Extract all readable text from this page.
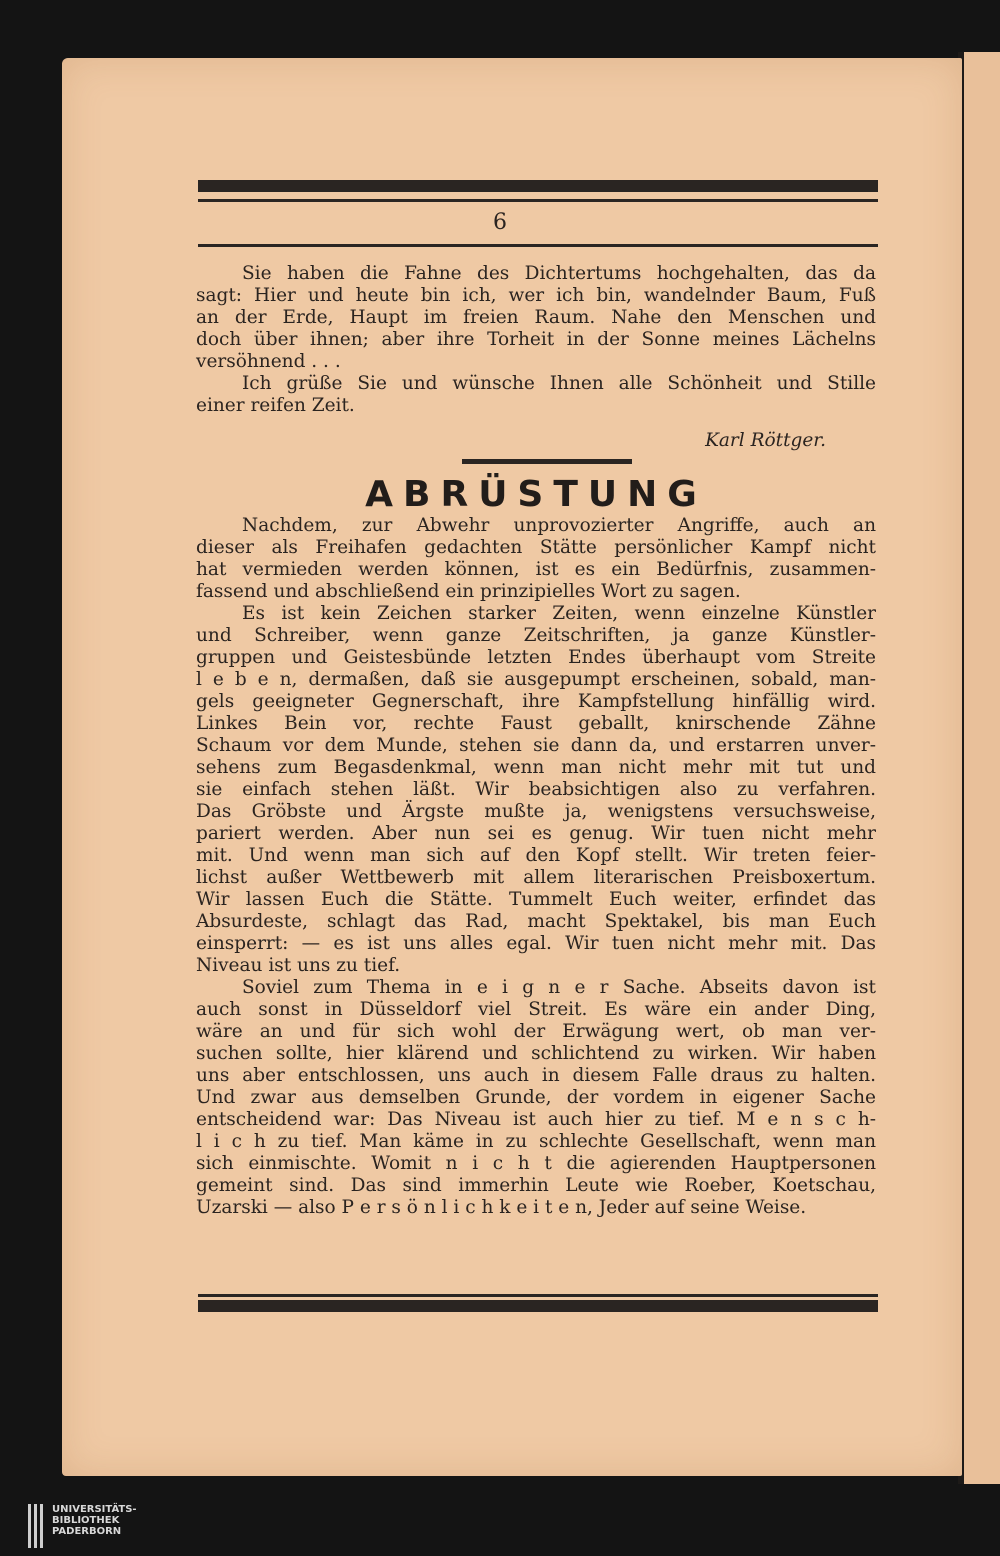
6
Sie haben die Fahne des Dichtertums hochgehalten, das da
sagt: Hier und heute bin ich, wer ich bin, wandelnder Baum, Fuß
an der Erde, Haupt im freien Raum. Nahe den Menschen und
doch über ihnen; aber ihre Torheit in der Sonne meines Lächelns
versöhnend . . .
Ich grüße Sie und wünsche Ihnen alle Schönheit und Stille
einer reifen Zeit.
Karl Röttger.
ABRÜSTUNG
Nachdem, zur Abwehr unprovozierter Angriffe, auch an
dieser als Freihafen gedachten Stätte persönlicher Kampf nicht
hat vermieden werden können, ist es ein Bedürfnis, zusammen-
fassend und abschließend ein prinzipielles Wort zu sagen.
Es ist kein Zeichen starker Zeiten, wenn einzelne Künstler
und Schreiber, wenn ganze Zeitschriften, ja ganze Künstler-
gruppen und Geistesbünde letzten Endes überhaupt vom Streite
l e b e n, dermaßen, daß sie ausgepumpt erscheinen, sobald, man-
gels geeigneter Gegnerschaft, ihre Kampfstellung hinfällig wird.
Linkes Bein vor, rechte Faust geballt, knirschende Zähne
Schaum vor dem Munde, stehen sie dann da, und erstarren unver-
sehens zum Begasdenkmal, wenn man nicht mehr mit tut und
sie einfach stehen läßt. Wir beabsichtigen also zu verfahren.
Das Gröbste und Ärgste mußte ja, wenigstens versuchsweise,
pariert werden. Aber nun sei es genug. Wir tuen nicht mehr
mit. Und wenn man sich auf den Kopf stellt. Wir treten feier-
lichst außer Wettbewerb mit allem literarischen Preisboxertum.
Wir lassen Euch die Stätte. Tummelt Euch weiter, erfindet das
Absurdeste, schlagt das Rad, macht Spektakel, bis man Euch
einsperrt: — es ist uns alles egal. Wir tuen nicht mehr mit. Das
Niveau ist uns zu tief.
Soviel zum Thema in e i g n e r Sache. Abseits davon ist
auch sonst in Düsseldorf viel Streit. Es wäre ein ander Ding,
wäre an und für sich wohl der Erwägung wert, ob man ver-
suchen sollte, hier klärend und schlichtend zu wirken. Wir haben
uns aber entschlossen, uns auch in diesem Falle draus zu halten.
Und zwar aus demselben Grunde, der vordem in eigener Sache
entscheidend war: Das Niveau ist auch hier zu tief. M e n s c h-
l i c h zu tief. Man käme in zu schlechte Gesellschaft, wenn man
sich einmischte. Womit n i c h t die agierenden Hauptpersonen
gemeint sind. Das sind immerhin Leute wie Roeber, Koetschau,
Uzarski — also P e r s ö n l i c h k e i t e n, Jeder auf seine Weise.
UNIVERSITÄTS-
BIBLIOTHEK
PADERBORN
